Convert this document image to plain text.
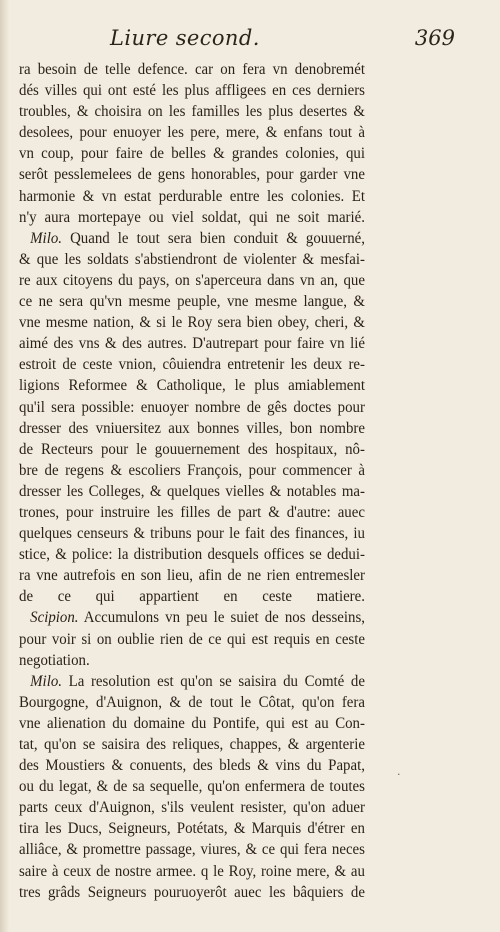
Liure second.	369
ra besoin de telle defence. car on fera vn denobremét
dés villes qui ont esté les plus affligees en ces derniers
troubles, & choisira on les familles les plus desertes &
desolees, pour enuoyer les pere, mere, & enfans tout à
vn coup, pour faire de belles & grandes colonies, qui
serôt pesslemelees de gens honorables, pour garder vne
harmonie & vn estat perdurable entre les colonies. Et
n'y aura mortepaye ou viel soldat, qui ne soit marié.
Milo. Quand le tout sera bien conduit & gouuerné,
& que les soldats s'abstiendront de violenter & mesfai-
re aux citoyens du pays, on s'aperceura dans vn an, que
ce ne sera qu'vn mesme peuple, vne mesme langue, &
vne mesme nation, & si le Roy sera bien obey, cheri, &
aimé des vns & des autres. D'autrepart pour faire vn lié
estroit de ceste vnion, côuiendra entretenir les deux re-
ligions Reformee & Catholique, le plus amiablement
qu'il sera possible: enuoyer nombre de gês doctes pour
dresser des vniuersitez aux bonnes villes, bon nombre
de Recteurs pour le gouuernement des hospitaux, nô-
bre de regens & escoliers François, pour commencer à
dresser les Colleges, & quelques vielles & notables ma-
trones, pour instruire les filles de part & d'autre: auec
quelques censeurs & tribuns pour le fait des finances, iu
stice, & police: la distribution desquels offices se dedui-
ra vne autrefois en son lieu, afin de ne rien entremesler
de ce qui appartient en ceste matiere.
Scipion. Accumulons vn peu le suiet de nos desseins,
pour voir si on oublie rien de ce qui est requis en ceste
negotiation.
Milo. La resolution est qu'on se saisira du Comté de
Bourgogne, d'Auignon, & de tout le Côtat, qu'on fera
vne alienation du domaine du Pontife, qui est au Con-
tat, qu'on se saisira des reliques, chappes, & argenterie
des Moustiers & conuents, des bleds & vins du Papat,
ou du legat, & de sa sequelle, qu'on enfermera de toutes
parts ceux d'Auignon, s'ils veulent resister, qu'on aduer
tira les Ducs, Seigneurs, Potétats, & Marquis d'étrer en
alliâce, & promettre passage, viures, & ce qui fera neces
saire à ceux de nostre armee. q le Roy, roine mere, & au
tres grâds Seigneurs pouruoyerôt auec les bâquiers de
·
